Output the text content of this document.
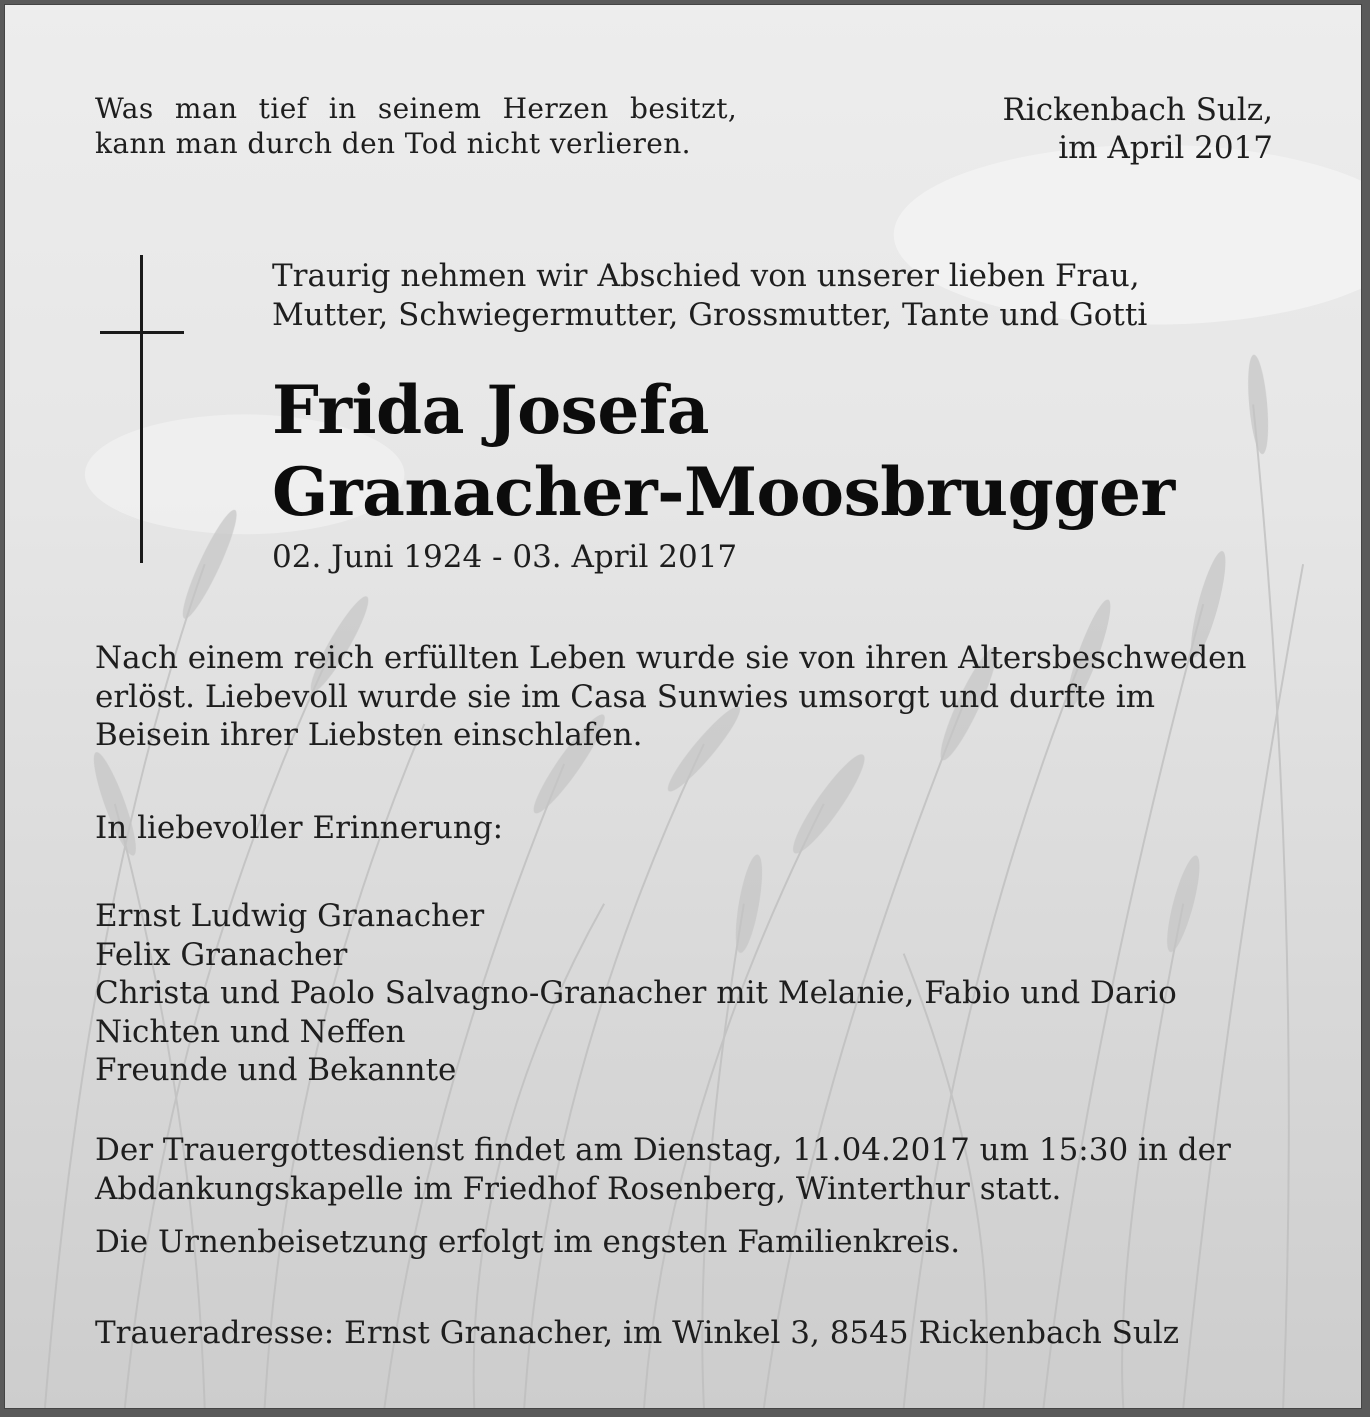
Was man tief in seinem Herzen besitzt,
kann man durch den Tod nicht verlieren.
Rickenbach Sulz,
im April 2017
Traurig nehmen wir Abschied von unserer lieben Frau,
Mutter, Schwiegermutter, Grossmutter, Tante und Gotti
Frida Josefa
Granacher-Moosbrugger
02. Juni 1924 - 03. April 2017
Nach einem reich erfüllten Leben wurde sie von ihren Altersbeschweden
erlöst. Liebevoll wurde sie im Casa Sunwies umsorgt und durfte im
Beisein ihrer Liebsten einschlafen.
In liebevoller Erinnerung:
Ernst Ludwig Granacher
Felix Granacher
Christa und Paolo Salvagno-Granacher mit Melanie, Fabio und Dario
Nichten und Neffen
Freunde und Bekannte
Der Trauergottesdienst findet am Dienstag, 11.04.2017 um 15:30 in der
Abdankungskapelle im Friedhof Rosenberg, Winterthur statt.
Die Urnenbeisetzung erfolgt im engsten Familienkreis.
Traueradresse: Ernst Granacher, im Winkel 3, 8545 Rickenbach Sulz
